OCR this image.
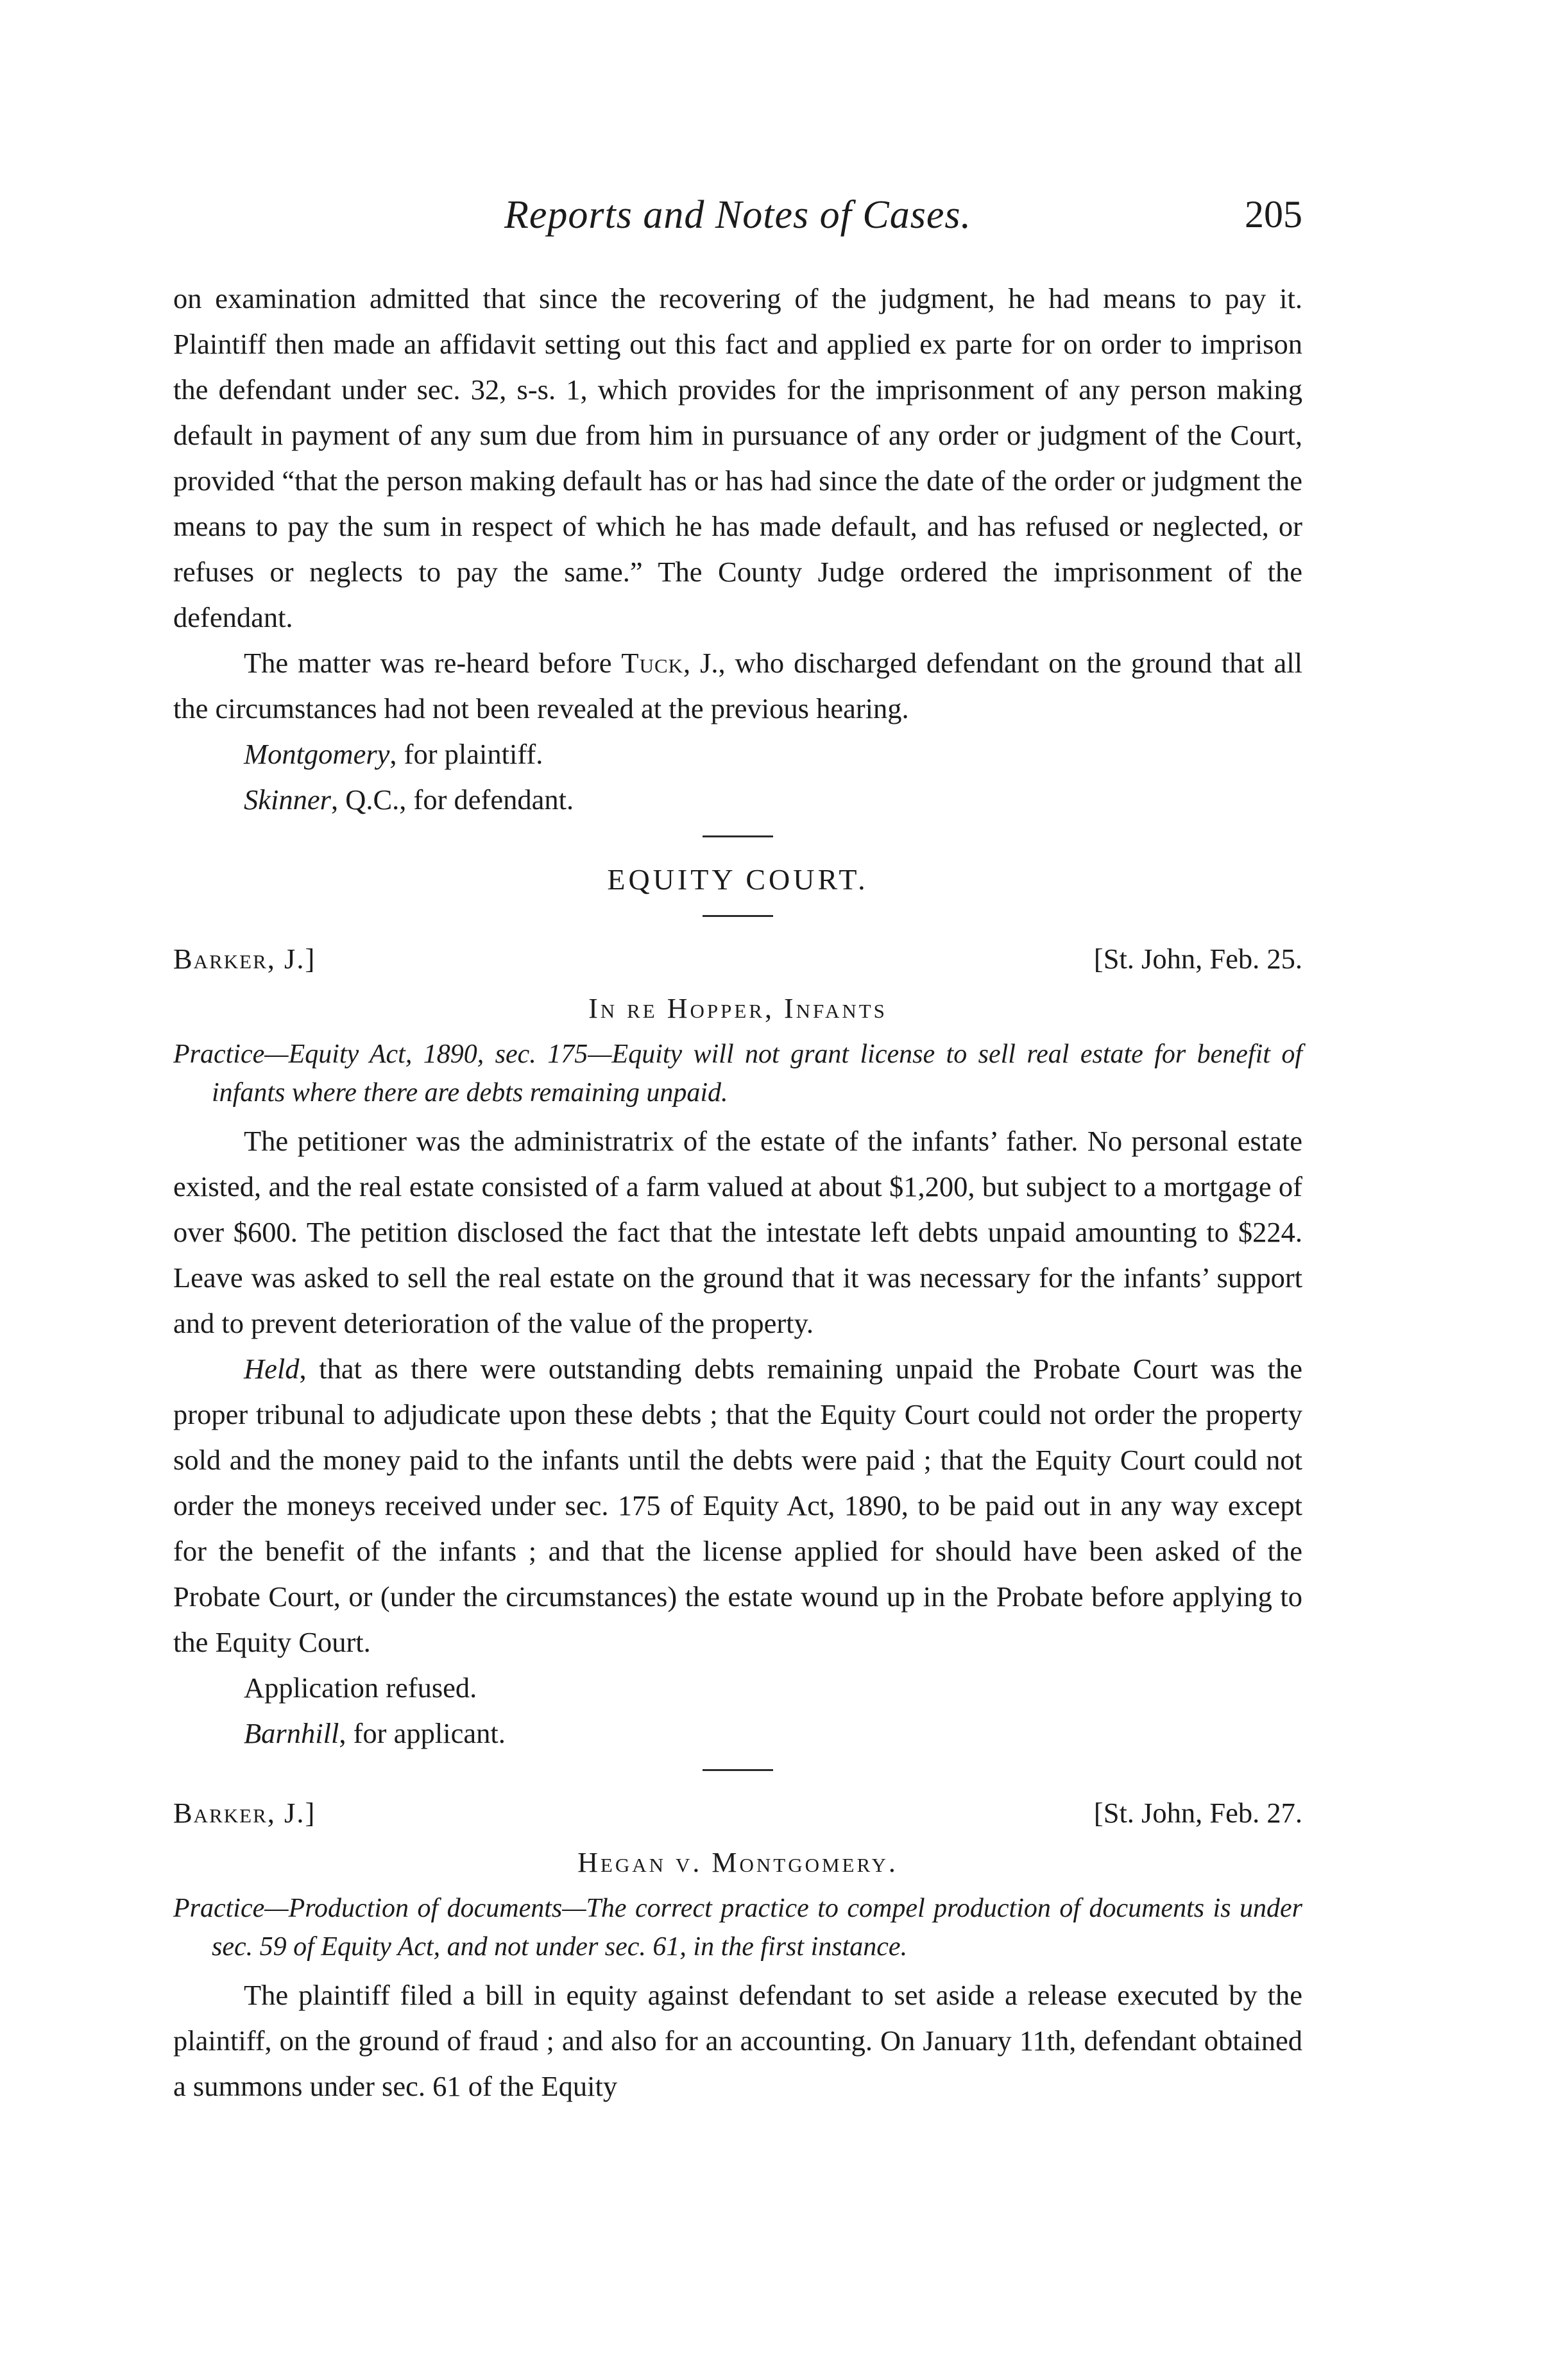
Reports and Notes of Cases.	205

on examination admitted that since the recovering of the judgment, he had means to pay it. Plaintiff then made an affidavit setting out this fact and applied ex parte for on order to imprison the defendant under sec. 32, s-s. 1, which provides for the imprisonment of any person making default in payment of any sum due from him in pursuance of any order or judgment of the Court, provided “that the person making default has or has had since the date of the order or judgment the means to pay the sum in respect of which he has made default, and has refused or neglected, or refuses or neglects to pay the same.” The County Judge ordered the imprisonment of the defendant.

The matter was re-heard before Tuck, J., who discharged defendant on the ground that all the circumstances had not been revealed at the previous hearing.

Montgomery, for plaintiff.
Skinner, Q.C., for defendant.
EQUITY COURT.
Barker, J.]	[St. John, Feb. 25.
In re Hopper, Infants
Practice—Equity Act, 1890, sec. 175—Equity will not grant license to sell real estate for benefit of infants where there are debts remaining unpaid.

The petitioner was the administratrix of the estate of the infants’ father. No personal estate existed, and the real estate consisted of a farm valued at about $1,200, but subject to a mortgage of over $600. The petition disclosed the fact that the intestate left debts unpaid amounting to $224. Leave was asked to sell the real estate on the ground that it was necessary for the infants’ support and to prevent deterioration of the value of the property.

Held, that as there were outstanding debts remaining unpaid the Probate Court was the proper tribunal to adjudicate upon these debts ; that the Equity Court could not order the property sold and the money paid to the infants until the debts were paid ; that the Equity Court could not order the moneys received under sec. 175 of Equity Act, 1890, to be paid out in any way except for the benefit of the infants ; and that the license applied for should have been asked of the Probate Court, or (under the circumstances) the estate wound up in the Probate before applying to the Equity Court.

Application refused.
Barnhill, for applicant.
Barker, J.]	[St. John, Feb. 27.
Hegan v. Montgomery.
Practice—Production of documents—The correct practice to compel production of documents is under sec. 59 of Equity Act, and not under sec. 61, in the first instance.

The plaintiff filed a bill in equity against defendant to set aside a release executed by the plaintiff, on the ground of fraud ; and also for an accounting. On January 11th, defendant obtained a summons under sec. 61 of the Equity
